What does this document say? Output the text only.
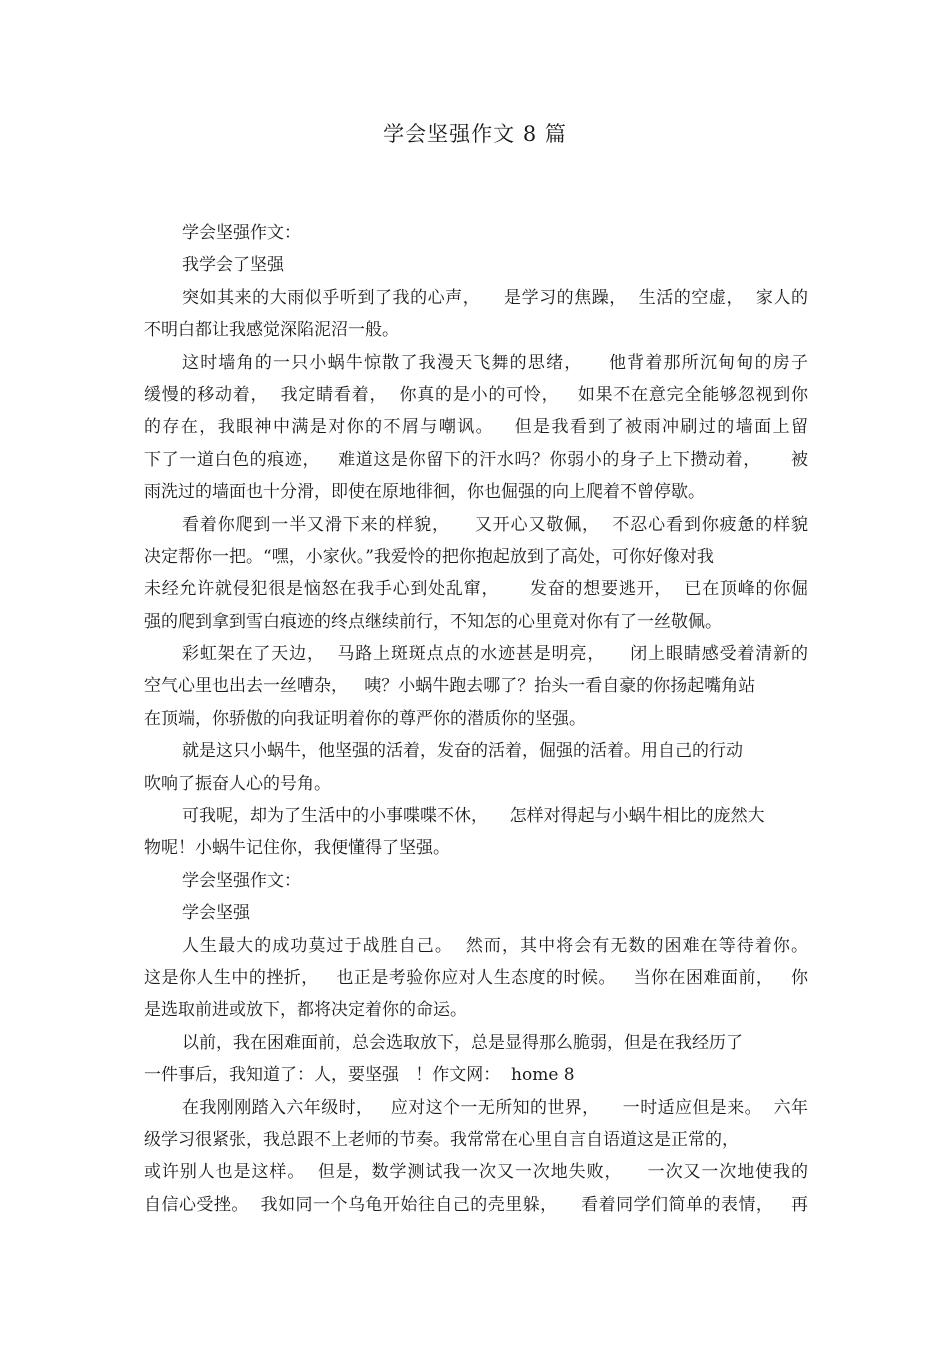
学会坚强作文 8 篇
学会坚强作文：
我学会了坚强
突如其来的大雨似乎听到了我的心声，    是学习的焦躁，  生活的空虚，  家人的
不明白都让我感觉深陷泥沼一般。
这时墙角的一只小蜗牛惊散了我漫天飞舞的思绪，    他背着那所沉甸甸的房子
缓慢的移动着，  我定睛看着，  你真的是小的可怜，   如果不在意完全能够忽视到你
的存在，我眼神中满是对你的不屑与嘲讽。   但是我看到了被雨冲刷过的墙面上留
下了一道白色的痕迹，   难道这是你留下的汗水吗？你弱小的身子上下攒动着，     被
雨洗过的墙面也十分滑，即使在原地徘徊，你也倔强的向上爬着不曾停歇。
看着你爬到一半又滑下来的样貌，    又开心又敬佩，  不忍心看到你疲惫的样貌
决定帮你一把。“嘿，小家伙。”我爱怜的把你抱起放到了高处，可你好像对我
未经允许就侵犯很是恼怒在我手心到处乱窜，     发奋的想要逃开，  已在顶峰的你倔
强的爬到拿到雪白痕迹的终点继续前行，不知怎的心里竟对你有了一丝敬佩。
彩虹架在了天边，  马路上斑斑点点的水迹甚是明亮，    闭上眼睛感受着清新的
空气心里也出去一丝嘈杂，   咦？小蜗牛跑去哪了？抬头一看自豪的你扬起嘴角站
在顶端，你骄傲的向我证明着你的尊严你的潜质你的坚强。
就是这只小蜗牛，他坚强的活着，发奋的活着，倔强的活着。用自己的行动
吹响了振奋人心的号角。
可我呢，却为了生活中的小事喋喋不休，    怎样对得起与小蜗牛相比的庞然大
物呢！小蜗牛记住你，我便懂得了坚强。
学会坚强作文：
学会坚强
人生最大的成功莫过于战胜自己。  然而，其中将会有无数的困难在等待着你。
这是你人生中的挫折，   也正是考验你应对人生态度的时候。   当你在困难面前，   你
是选取前进或放下，都将决定着你的命运。
以前，我在困难面前，总会选取放下，总是显得那么脆弱，但是在我经历了
一件事后，我知道了：人，要坚强   ！作文网：  home 8
在我刚刚踏入六年级时，   应对这个一无所知的世界，    一时适应但是来。  六年
级学习很紧张，我总跟不上老师的节奏。我常常在心里自言自语道这是正常的，
或许别人也是这样。  但是，数学测试我一次又一次地失败，    一次又一次地使我的
自信心受挫。  我如同一个乌龟开始往自己的壳里躲，    看着同学们简单的表情，   再
